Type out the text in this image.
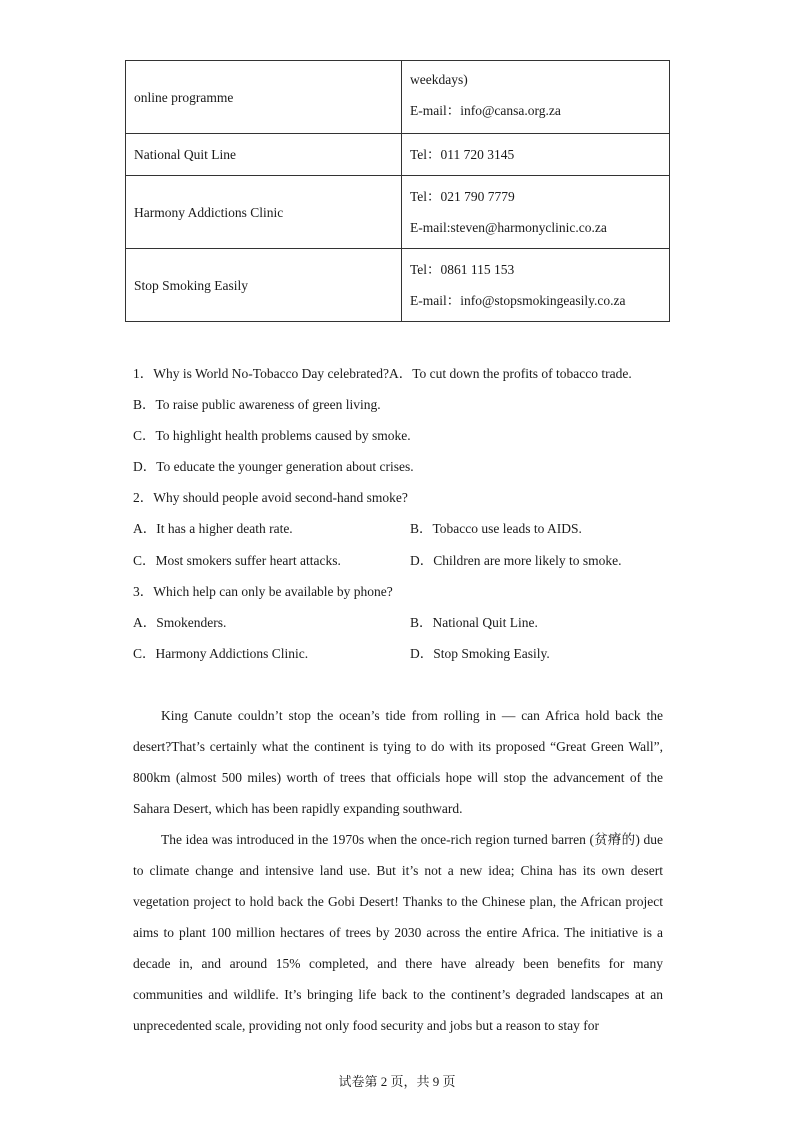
online programme	weekdays)
E-mail：info@cansa.org.za

National Quit Line	Tel：011 720 3145

Harmony Addictions Clinic	Tel：021 790 7779
E-mail:steven@harmonyclinic.co.za

Stop Smoking Easily	Tel：0861 115 153
E-mail：info@stopsmokingeasily.co.za
1．Why is World No-Tobacco Day celebrated?A．To cut down the profits of tobacco trade.
B．To raise public awareness of green living.
C．To highlight health problems caused by smoke.
D．To educate the younger generation about crises.
2．Why should people avoid second-hand smoke?
A．It has a higher death rate.	B．Tobacco use leads to AIDS.
C．Most smokers suffer heart attacks.	D．Children are more likely to smoke.
3．Which help can only be available by phone?
A．Smokenders.	B．National Quit Line.
C．Harmony Addictions Clinic.	D．Stop Smoking Easily.

King Canute couldn’t stop the ocean’s tide from rolling in — can Africa hold back the desert?That’s certainly what the continent is tying to do with its proposed “Great Green Wall”, 800km (almost 500 miles) worth of trees that officials hope will stop the advancement of the Sahara Desert, which has been rapidly expanding southward.

The idea was introduced in the 1970s when the once-rich region turned barren (贫瘠的) due to climate change and intensive land use. But it’s not a new idea; China has its own desert vegetation project to hold back the Gobi Desert! Thanks to the Chinese plan, the African project aims to plant 100 million hectares of trees by 2030 across the entire Africa. The initiative is a decade in, and around 15% completed, and there have already been benefits for many communities and wildlife. It’s bringing life back to the continent’s degraded landscapes at an unprecedented scale, providing not only food security and jobs but a reason to stay for

试卷第 2 页，共 9 页
